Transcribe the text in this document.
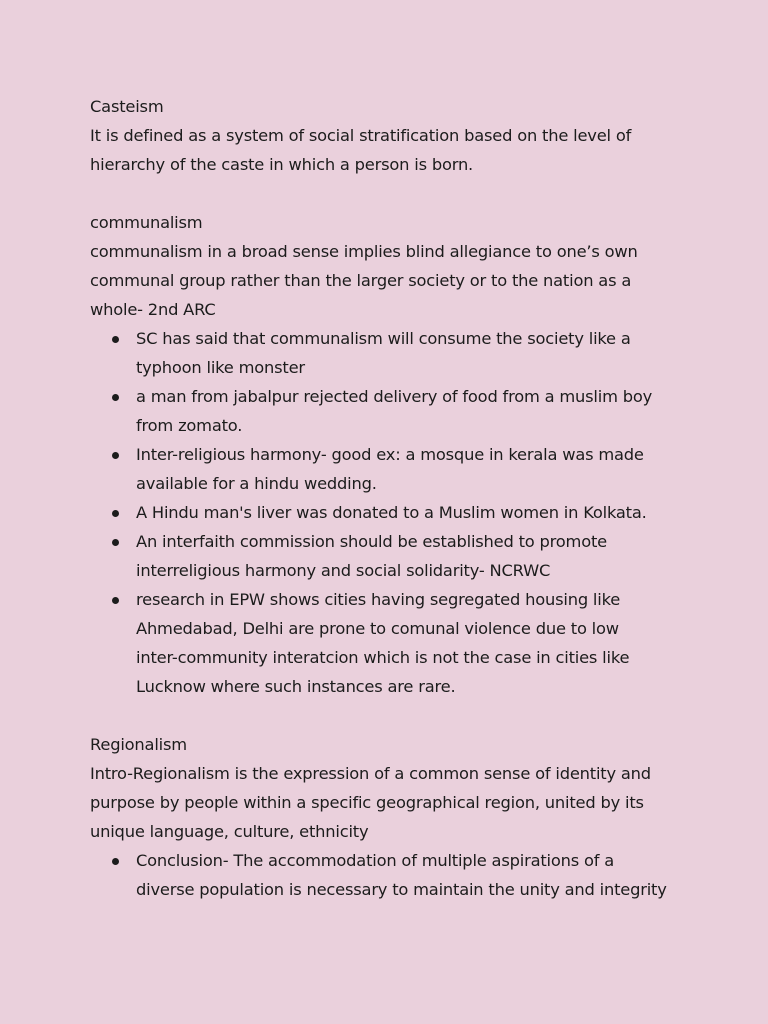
Casteism
It is defined as a system of social stratification based on the level of
hierarchy of the caste in which a person is born.
communalism
communalism in a broad sense implies blind allegiance to one’s own
communal group rather than the larger society or to the nation as a
whole- 2nd ARC
SC has said that communalism will consume the society like a
typhoon like monster
a man from jabalpur rejected delivery of food from a muslim boy
from zomato.
Inter-religious harmony- good ex: a mosque in kerala was made
available for a hindu wedding.
A Hindu man's liver was donated to a Muslim women in Kolkata.
An interfaith commission should be established to promote
interreligious harmony and social solidarity- NCRWC
research in EPW shows cities having segregated housing like
Ahmedabad, Delhi are prone to comunal violence due to low
inter-community interatcion which is not the case in cities like
Lucknow where such instances are rare.
Regionalism
Intro-Regionalism is the expression of a common sense of identity and
purpose by people within a specific geographical region, united by its
unique language, culture, ethnicity
Conclusion- The accommodation of multiple aspirations of a
diverse population is necessary to maintain the unity and integrity
